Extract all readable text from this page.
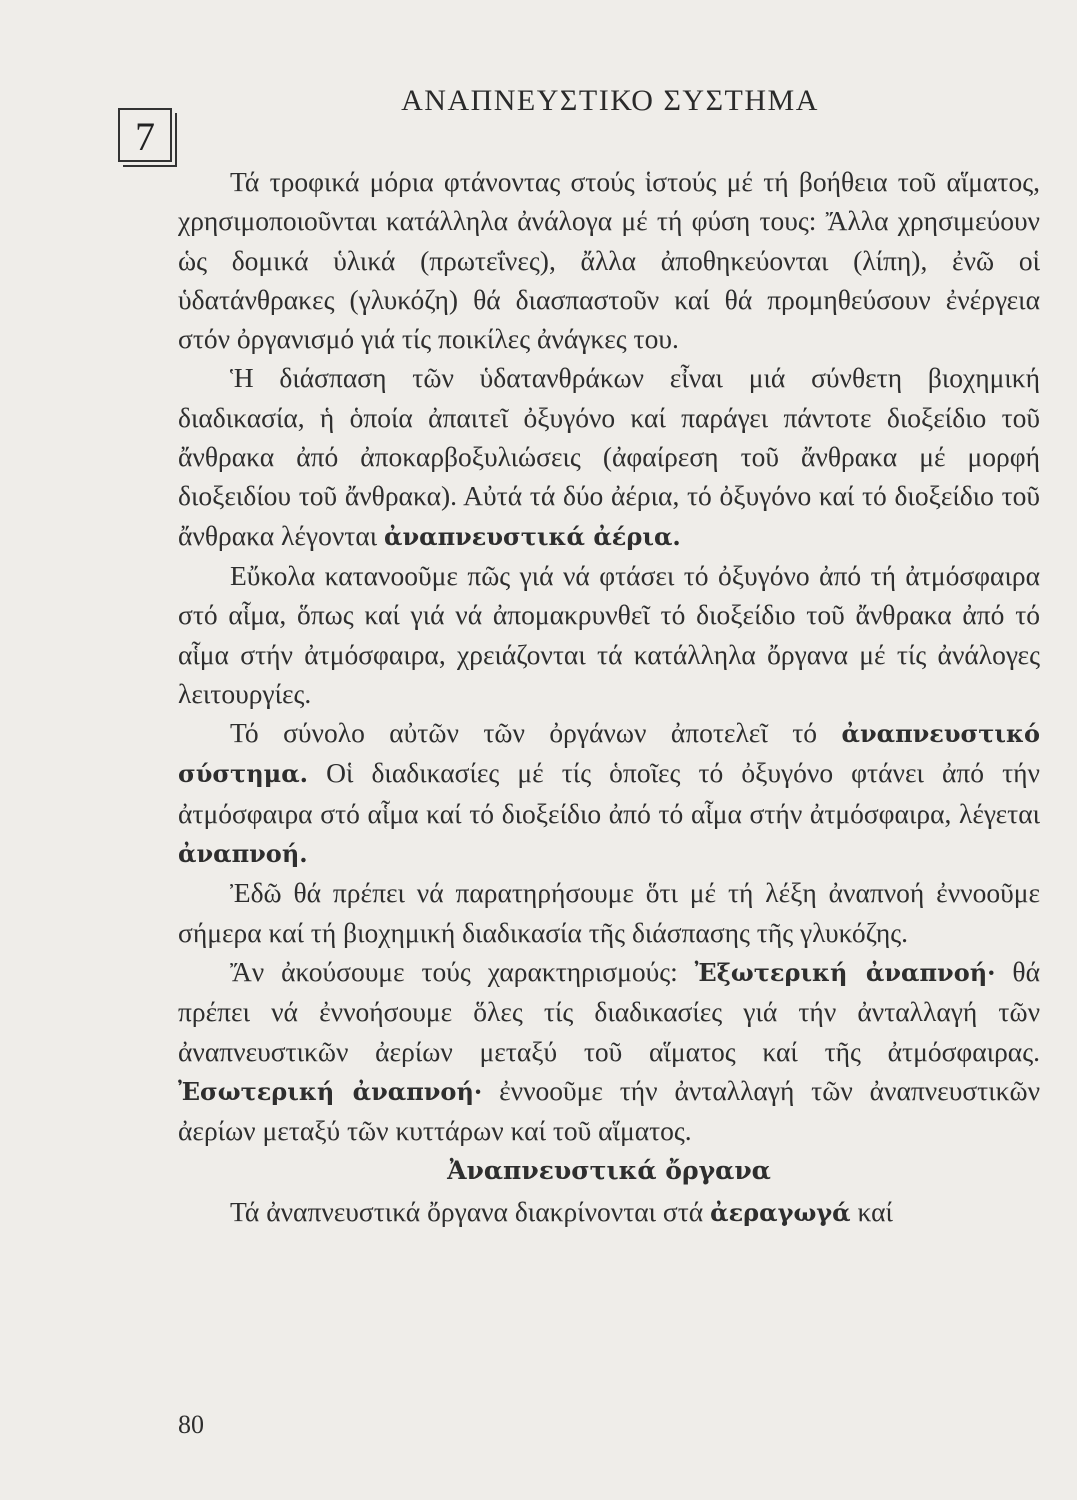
7
ΑΝΑΠΝΕΥΣΤΙΚΟ ΣΥΣΤΗΜΑ

Τά τροφικά μόρια φτάνοντας στούς ἱστούς μέ τή βοήθεια τοῦ αἵματος, χρησιμοποιοῦνται κατάλληλα ἀνάλογα μέ τή φύση τους: Ἄλλα χρησιμεύουν ὡς δομικά ὑλικά (πρωτεΐνες), ἄλλα ἀποθηκεύονται (λίπη), ἐνῶ οἱ ὑδατάνθρακες (γλυκόζη) θά διασπαστοῦν καί θά προμηθεύσουν ἐνέργεια στόν ὀργανισμό γιά τίς ποικίλες ἀνάγκες του.

Ἡ διάσπαση τῶν ὑδατανθράκων εἶναι μιά σύνθετη βιοχημική διαδικασία, ἡ ὁποία ἀπαιτεῖ ὀξυγόνο καί παράγει πάντοτε διοξείδιο τοῦ ἄνθρακα ἀπό ἀποκαρβοξυλιώσεις (ἀφαίρεση τοῦ ἄνθρακα μέ μορφή διοξειδίου τοῦ ἄνθρακα). Αὐτά τά δύο ἀέρια, τό ὀξυγόνο καί τό διοξείδιο τοῦ ἄνθρακα λέγονται ἀναπνευστικά ἀέρια.

Εὔκολα κατανοοῦμε πῶς γιά νά φτάσει τό ὀξυγόνο ἀπό τή ἀτμόσφαιρα στό αἷμα, ὅπως καί γιά νά ἀπομακρυνθεῖ τό διοξείδιο τοῦ ἄνθρακα ἀπό τό αἷμα στήν ἀτμόσφαιρα, χρειάζονται τά κατάλληλα ὄργανα μέ τίς ἀνάλογες λειτουργίες.

Τό σύνολο αὐτῶν τῶν ὀργάνων ἀποτελεῖ τό ἀναπνευστικό σύστημα. Οἱ διαδικασίες μέ τίς ὁποῖες τό ὀξυγόνο φτάνει ἀπό τήν ἀτμόσφαιρα στό αἷμα καί τό διοξείδιο ἀπό τό αἷμα στήν ἀτμόσφαιρα, λέγεται ἀναπνοή.

Ἐδῶ θά πρέπει νά παρατηρήσουμε ὅτι μέ τή λέξη ἀναπνοή ἐννοοῦμε σήμερα καί τή βιοχημική διαδικασία τῆς διάσπασης τῆς γλυκόζης.

Ἄν ἀκούσουμε τούς χαρακτηρισμούς: Ἐξωτερική ἀναπνοή· θά πρέπει νά ἐννοήσουμε ὅλες τίς διαδικασίες γιά τήν ἀνταλλαγή τῶν ἀναπνευστικῶν ἀερίων μεταξύ τοῦ αἵματος καί τῆς ἀτμόσφαιρας. Ἐσωτερική ἀναπνοή· ἐννοοῦμε τήν ἀνταλλαγή τῶν ἀναπνευστικῶν ἀερίων μεταξύ τῶν κυττάρων καί τοῦ αἵματος.

Ἀναπνευστικά ὄργανα

Τά ἀναπνευστικά ὄργανα διακρίνονται στά ἀεραγωγά καί

80
